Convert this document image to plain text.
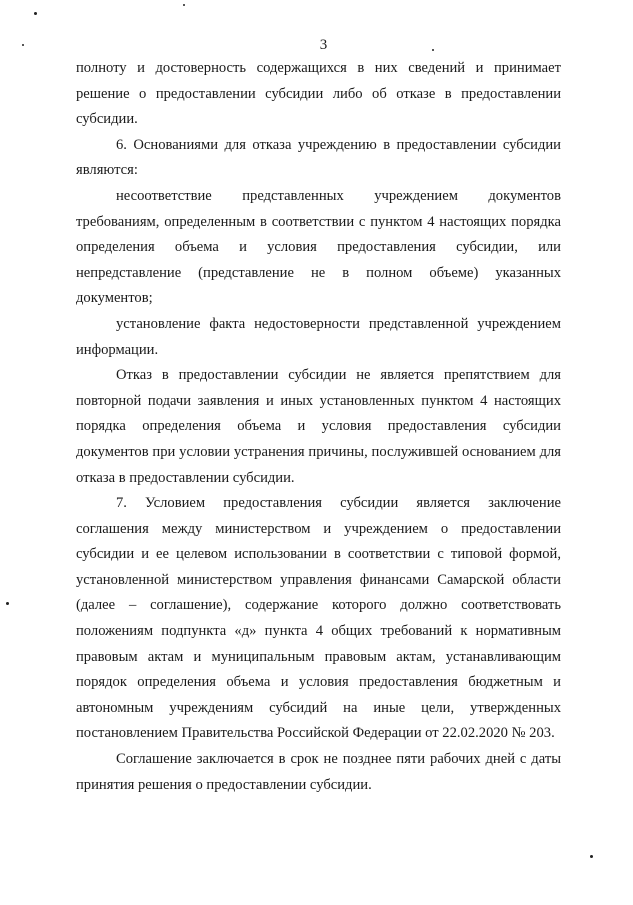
3

полноту и достоверность содержащихся в них сведений и принимает решение о предоставлении субсидии либо об отказе в предоставлении субсидии.

6. Основаниями для отказа учреждению в предоставлении субсидии являются:

несоответствие представленных учреждением документов требованиям, определенным в соответствии с пунктом 4 настоящих порядка определения объема и условия предоставления субсидии, или непредставление (представление не в полном объеме) указанных документов;

установление факта недостоверности представленной учреждением информации.

Отказ в предоставлении субсидии не является препятствием для повторной подачи заявления и иных установленных пунктом 4 настоящих порядка определения объема и условия предоставления субсидии документов при условии устранения причины, послужившей основанием для отказа в предоставлении субсидии.

7. Условием предоставления субсидии является заключение соглашения между министерством и учреждением о предоставлении субсидии и ее целевом использовании в соответствии с типовой формой, установленной министерством управления финансами Самарской области (далее – соглашение), содержание которого должно соответствовать положениям подпункта «д» пункта 4 общих требований к нормативным правовым актам и муниципальным правовым актам, устанавливающим порядок определения объема и условия предоставления бюджетным и автономным учреждениям субсидий на иные цели, утвержденных постановлением Правительства Российской Федерации от 22.02.2020 № 203.

Соглашение заключается в срок не позднее пяти рабочих дней с даты принятия решения о предоставлении субсидии.
